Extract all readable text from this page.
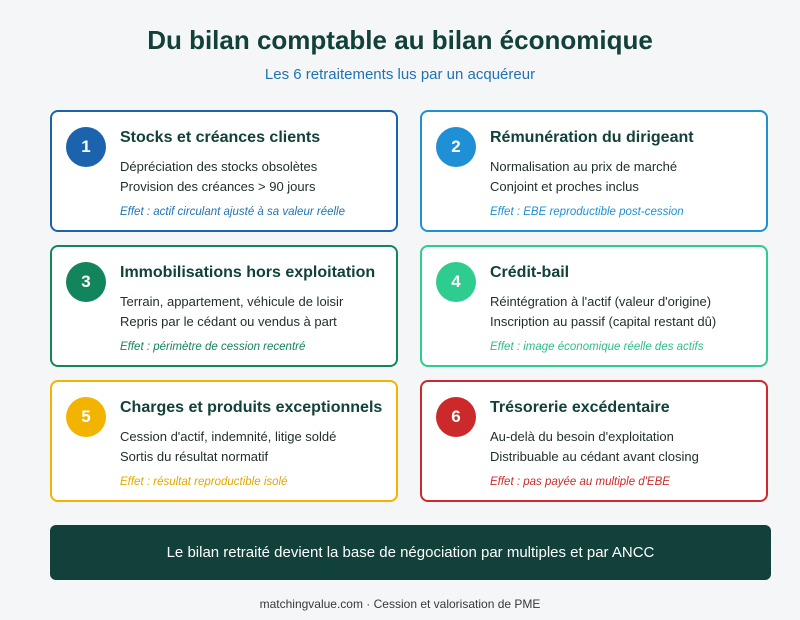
Du bilan comptable au bilan économique
Les 6 retraitements lus par un acquéreur
1	Stocks et créances clients
Dépréciation des stocks obsolètes
Provision des créances > 90 jours
Effet : actif circulant ajusté à sa valeur réelle
2	Rémunération du dirigeant
Normalisation au prix de marché
Conjoint et proches inclus
Effet : EBE reproductible post-cession
3	Immobilisations hors exploitation
Terrain, appartement, véhicule de loisir
Repris par le cédant ou vendus à part
Effet : périmètre de cession recentré
4	Crédit-bail
Réintégration à l'actif (valeur d'origine)
Inscription au passif (capital restant dû)
Effet : image économique réelle des actifs
5	Charges et produits exceptionnels
Cession d'actif, indemnité, litige soldé
Sortis du résultat normatif
Effet : résultat reproductible isolé
6	Trésorerie excédentaire
Au-delà du besoin d'exploitation
Distribuable au cédant avant closing
Effet : pas payée au multiple d'EBE
Le bilan retraité devient la base de négociation par multiples et par ANCC
matchingvalue.com · Cession et valorisation de PME
